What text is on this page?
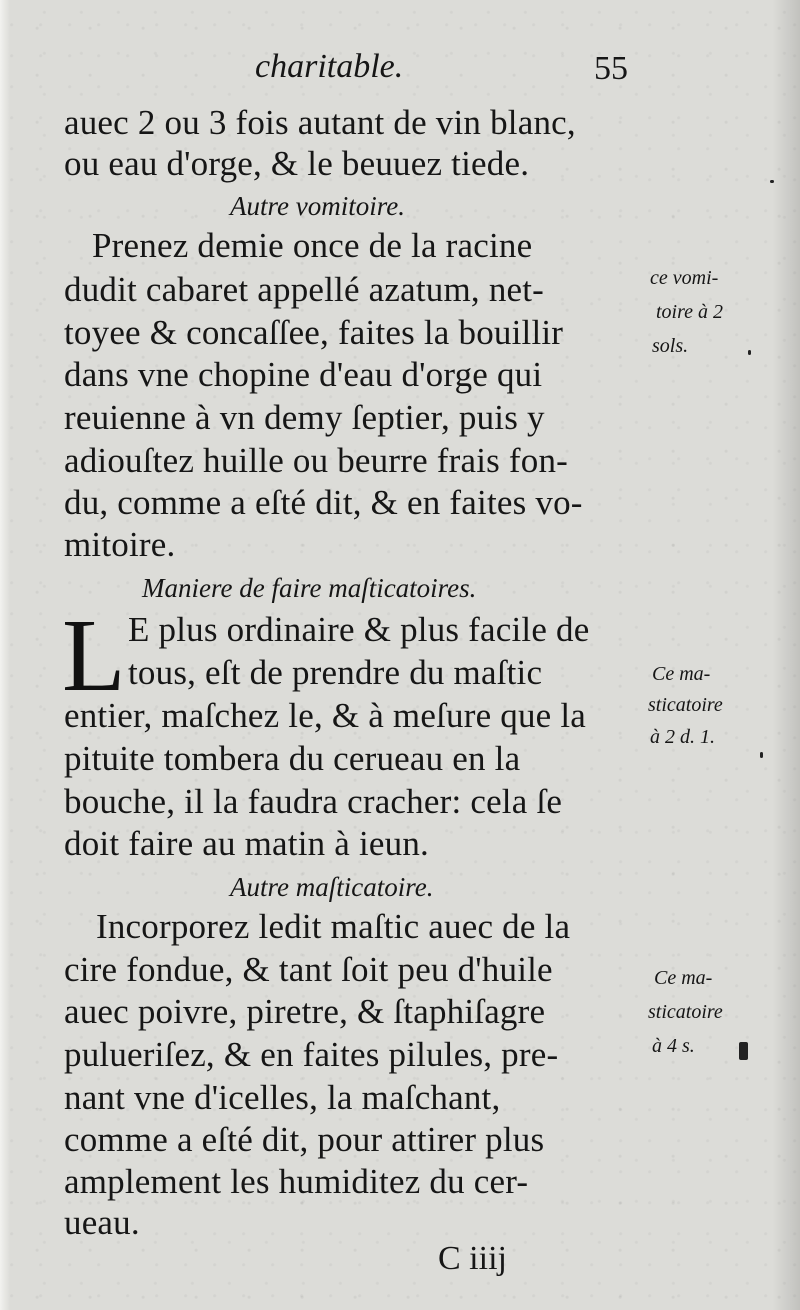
charitable.	55

auec 2 ou 3 fois autant de vin blanc,

ou eau d'orge, & le beuuez tiede.

Autre vomitoire.

Prenez demie once de la racine

dudit cabaret appellé azatum, net-

toyee & concaſſee, faites la bouillir

dans vne chopine d'eau d'orge qui

reuienne à vn demy ſeptier, puis y

adiouſtez huille ou beurre frais fon-

du, comme a eſté dit, & en faites vo-

mitoire.

Maniere de faire maſticatoires.

L E plus ordinaire & plus facile de

tous, eſt de prendre du maſtic

entier, maſchez le, & à meſure que la

pituite tombera du cerueau en la

bouche, il la faudra cracher: cela ſe

doit faire au matin à ieun.

Autre maſticatoire.

Incorporez ledit maſtic auec de la

cire fondue, & tant ſoit peu d'huile

auec poivre, piretre, & ſtaphiſagre

pulueriſez, & en faites pilules, pre-

nant vne d'icelles, la maſchant,

comme a eſté dit, pour attirer plus

amplement les humiditez du cer-

ueau.

ce vomi-

toire à 2

sols.

Ce ma-

sticatoire

à 2 d. 1.

Ce ma-

sticatoire

à 4 s.

C iiij
